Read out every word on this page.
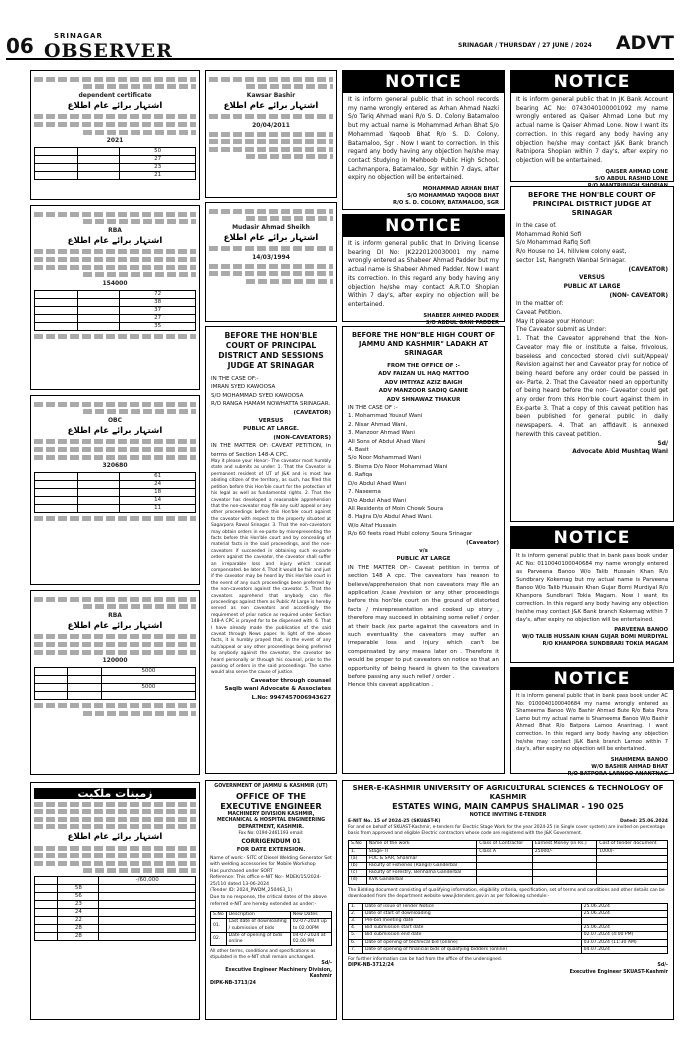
06	SRINAGAR
OBSERVER	SRINAGAR / THURSDAY / 27 JUNE / 2024 ADVT
dependent certificate
اشتہار برائے عام اطلاع
2021
50		
27		
23		
21		
RBA
اشتہار برائے عام اطلاع
154000
72		
38		
37		
27		
35		
OBC
اشتہار برائے عام اطلاع
320680
61		
24		
18		
14		
11		
RBA
اشتہار برائے عام اطلاع
120000
5000		

5000		

زمینات ملکیت
اشتہار برائے عام اطلاع
60,000/-		
	58	
	56	
	23	
	24	
	22	
	28	
	28	
Kawsar Bashir
اشتہار برائے عام اطلاع
20/04/2011
Mudasir Ahmad Sheikh
اشتہار برائے عام اطلاع
14/03/1994
BEFORE THE HON'BLE COURT OF PRINCIPAL DISTRICT AND SESSIONS JUDGE AT SRINAGAR
IN THE CASE OF:-
IMRAN SYED KAWOOSA
S/O MOHAMMAD SYED KAWOOSA
R/O RANGA HAMAM NOWHATTA SRINAGAR.
(CAVEATOR)
VERSUS
PUBLIC AT LARGE.
(NON-CAVEATORS)
IN THE MATTER OF: CAVEAT PETITION, in terms of Section 148-A CPC.
May it please your Honor:- The caveator most humbly state and submits as under: 1. That the Caveator is permanent resident of UT of J&K and is most law abiding citizen of the territory, as such, has filed this petition before this Hon'ble court for the protection of his legal as well as fundamental rights. 2. That the caveator has developed a reasonable apprehension that the non-caveator may file any suit/ appeal or any other proceedings before this Hon'ble court against the caveator with respect to the property situated at Sagarpora Rawal Srinagar. 3. That the non-caveators may obtain orders in ex-parte by misrepresenting the facts before this Hon'ble court and by concealing of material facts in the said proceedings, and the non-caveators if succeeded in obtaining such ex-parte orders against the caveator, the caveator shall suffer an irreparable loss and injury which cannot compensated. be later 4. That it would be fair and just if the caveator may be heard by this Hon'ble court in the event of any such proceedings been preferred by the non-caveators against the caveator. 5. That the caveators apprehend that anybody can file proceedings against them as Public At Large is hereby served as non caveators and accordingly the requirement of prior notice as required under Section 148-A CPC is prayed for to be dispensed with. 6. That I have already made the publication of the said caveat through News paper. In light of the above facts, it is humbly prayed that, in the event of any suit/appeal or any other proceedings being preferred by anybody against the caveator, the caveator be heard personally or through his counsel, prior to the passing of orders in the said proceedings. The same would also serve the cause of justice.
Caveator through counsel
Saqib wani Advocate & Associates
L.No: 9947457006943627
NOTICE
It is inform general public that in school records my name wrongly entered as Arhan Ahmad Nazki S/o Tariq Ahmad wani R/o S. D. Colony Batamaloo but my actual name is Mohammad Arhan Bhat S/o Mohammad Yaqoob Bhat R/o S. D. Colony, Batamaloo, Sgr . Now I want to correction. In this regard any body having any objection he/she may contact Studying in Mehboob Public High School, Lachmanpora, Batamaloo, Sgr within 7 days, after expiry no objection will be entertained.
MOHAMMAD ARHAN BHAT
S/O MOHAMMAD YAQOOB BHAT
R/O S. D. COLONY, BATAMALOO, SGR
NOTICE
It is inform general public that In Driving license bearing Dl No: JK2220120030001 my name wrongly entered as Shabeer Ahmad Padder but my actual name is Shabeer Ahmed Padder. Now I want its correction. In this regard any body having any objection he/she may contact A.R.T.O Shopian Within 7 day's, after expiry no objection will be entertained.
SHABEER AHMED PADDER
S/O ABDUL GANI PADDER
BEFORE THE HON"BLE HIGH COURT OF JAMMU AND KASHMIR" LADAKH AT SRINAGAR
FROM THE OFFICE OF :-
ADV FAIZAN UL HAQ MATTOO
ADV IMTIYAZ AZIZ BAIGH
ADV MANZOOR SADIQ GANIE
ADV SHNAWAZ THAKUR
IN THE CASE OF :-
1. Mohammad Yousuf Wani
2. Nisar Ahmad Wani,
3. Manzoor Ahmad Wani
All Sons of Abdul Ahad Wani
4. Basit
S/o Noor Mohammad Wani
5. Bisma D/o Noor Mohammad Wani
6. Rafiqa
D/o Abdul Ahad Wani
7. Naseema
D/o Abdul Ahad Wani
All Residents of Moin Chowk Soura
8. Hajira D/o Abdul Ahad Wani.
W/o Altaf Hussain
R/o 60 feets road Hubi colony Soura Srinagar
(Caveator)
v/s
PUBLIC AT LARGE
IN THE MATTER OF:- Caveat petition in terms of section 148 A cpc. The caveators has reason to believe/apprehension that non caveators may file an application /case /revision or any other proceedings before this hon'ble court on the ground of distorted facts / misrepresentation and cooked up story , therefore may succeed in obtaining some relief / order at their back /ex parte against the caveators and in such eventuality the caveators may suffer an irreparable loss and injury which can't be compensated by any means later on . Therefore it would be proper to put caveators on notice so that an opportunity of being heard is given to the caveators before passing any such relief / order .
Hence this caveat application .
NOTICE
It is inform general public that In JK Bank Account bearing AC No: 0743040100001092 my name wrongly entered as Qaiser Ahmad Lone but my actual name is Qaiser Ahmad Lone. Now I want its correction. In this regard any body having any objection he/she may contact J&K Bank branch Ratnipora Shopian within 7 day's, after expiry no objection will be entertained.
QAISER AHMAD LONE
S/O ABDUL RASHID LONE
BEFORE THE HON'BLE COURT OF PRINCIPAL DISTRICT JUDGE AT SRINAGAR
In the case of.
Mohammad Rohid Sofi
S/o Mohammad Rafiq Sofi
R/o House no 14, hillview colony east,
sector 1st, Rangreth Wanbal Srinagar.
(CAVEATOR)
VERSUS
PUBLIC AT LARGE
(NON- CAVEATOR)
In the matter of:
Caveat Petition.
May it please your Honour:
The Caveator submit as Under:
1. That the Caveator apprehend that the Non-Caveator may file or institute a false, frivolous, baseless and concocted stored civil suit/Appeal/ Revision against her and Caveator pray for notice of being heard before any order could be passed in ex- Parte. 2. That the Caveator need an opportunity of being heard before the non- Caveator could get any order from this Hon'ble court against them in Ex-parte 3. That a copy of this caveat petition has been published for general public in daily newspapers. 4. That an affidavit is annexed herewith this caveat petition.
Sd/
Advocate Abid Mushtaq Wani
NOTICE
It is inform general public that in bank pass book under AC No: 0110040100040684 my name wrongly entered as Parveena Banoo W/o Talib Hussain Khan R/o Sundbrary Kokernag but my actual name is Parveena Banoo W/o Talib Hussain Khan Gujar Bomi Murdiyal R/o Khanpora Sundbrari Tokia Magam. Now I want its correction. In this regard any body having any objection he/she may contact J&K Bank branch Kokernag within 7 day's, after expiry no objection will be entertained.
PARVEENA BANOO
W/O TALIB HUSSAIN KHAN GUJAR BOMI MURDIYAL
R/O KHANPORA SUNDBRARI TOKIA MAGAM
NOTICE
It is inform general public that in bank pass book under AC No: 0100040100040684 my name wrongly entered as Shameema Banoo W/o Bashir Ahmad Bute R/o Bata Pora Lamo but my actual name is Shameema Banoo W/o Bashir Ahmad Bhat R/o Batpora Larnoo Anantnag. I want correction. In this regard any body having any objection he/she may contact J&K Bank branch Larnoo within 7 day's, after expiry no objection will be entertained.
SHAHMEMA BANOO
W/O BASHIR AHMAD BHAT
R/O BATPORA LARNOO ANANTNAG
GOVERNMENT OF JAMMU & KASHMIR (UT)
OFFICE OF THE EXECUTIVE ENGINEER
MACHINERY DIVISION KASHMIR, MECHANICAL & HOSPITAL ENGINEERING DEPARTMENT, KASHMIR.
Fax No: 0194-2461193 email:
CORRIGENDUM 01
FOR DATE EXTENSION.
Name of work:- SITC of Diesel Welding Generator Set with welding accessories for Mobile Workshop
Has purchased under SORT
Reference: This office e-NIT No:- MDEK/15/2024-25/110 dated 13-06-2024
(Tender ID: 2024_PWDM_250463_1)
Due to no response, the critical dates of the above referred e-NIT are hereby extended as under:-
S.No	Description	New Dates
01.	Last date of downloading / submission of bids	02-07-2024 up to 02.00PM
02.	Date of opening of bids online	04-07-2024 at 02.00 PM
All other terms, conditions and specifications as stipulated in the e-NIT shall remain unchanged.
Sd/-
Executive Engineer Machinery Division, Kashmir
DIPK-NB-3713/24
SHER-E-KASHMIR UNIVERSITY OF AGRICULTURAL SCIENCES & TECHNOLOGY OF KASHMIR
ESTATES WING, MAIN CAMPUS SHALIMAR - 190 025
NOTICE INVITING E-TENDER
E-NIT No. 15 of 2024-25 (SKUAST-K)	Dated: 25.06.2024
For and on behalf of SKUAST-Kashmir, e-tenders for Electric Stage Work for the year 2024-25 (in Single cover system) are invited on percentage basis from approved and eligible Electric contractors whose code are registered with the J&K Government.
S.No	Name of the work	Class of Contractor	Earnest Money (in Rs.)	Cost of tender document
1.	Stage- II	Class A	25000/-	1000/-
(a)	FOC & SAR, Shalimar			
(b)	Faculty of Fisheries (Rangil) Ganderbal			
(c)	Faculty of Forestry, Benhama Ganderbal			
(d)	KVK Ganderbal			
The Bidding document consisting of qualifying information, eligibility criteria, specification, set of terms and conditions and other details can be downloaded from the department website www.jktenders.gov.in as per following schedule:-
1.	Date of issue of Tender Notice	25.06.2024
2.	Date of start of downloading	25.06.2024
3.	Pre-bid meeting date	
4.	Bid submission start date	25.06.2024
5.	Bid submission end date	02.07.2024 (4:00 PM)
6.	Date of opening of technical bid (online)	03.07.2024 (11:30 AM)
7.	Date of opening of financial bids of qualifying bidders (online)	04.07.2024
For further information can be had from the office of the undersigned.
DIPK-NB-3712/24	Sd/-
Executive Engineer SKUAST-Kashmir
